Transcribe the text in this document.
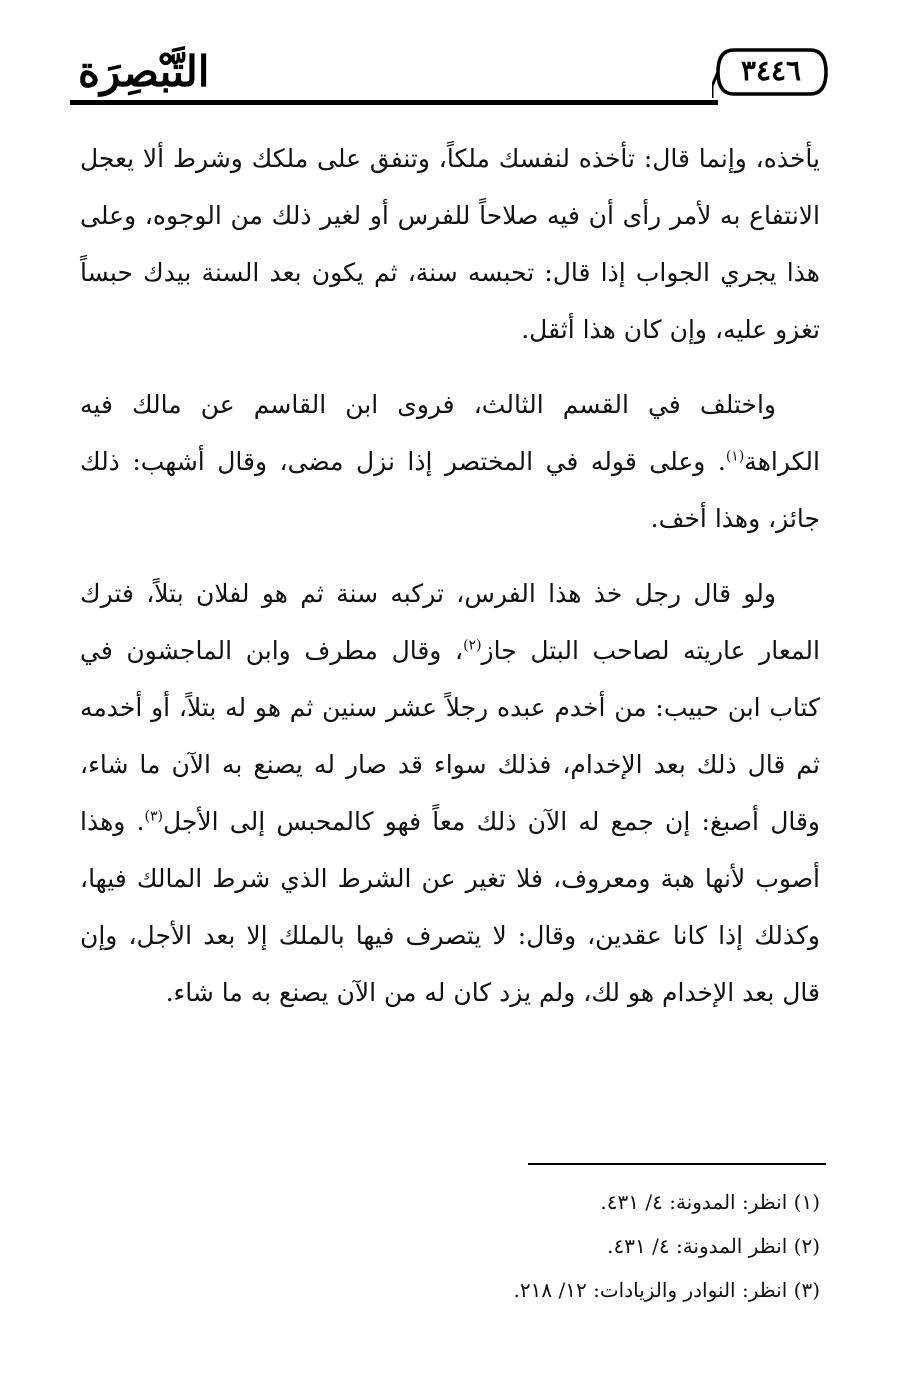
التَّبْصِرَة	٣٤٤٦

يأخذه، وإنما قال: تأخذه لنفسك ملكاً، وتنفق على ملكك وشرط ألا يعجل الانتفاع به لأمر رأى أن فيه صلاحاً للفرس أو لغير ذلك من الوجوه، وعلى هذا يجري الجواب إذا قال: تحبسه سنة، ثم يكون بعد السنة بيدك حبساً تغزو عليه، وإن كان هذا أثقل.

واختلف في القسم الثالث، فروى ابن القاسم عن مالك فيه الكراهة$^{(١)}$. وعلى قوله في المختصر إذا نزل مضى، وقال أشهب: ذلك جائز، وهذا أخف.

ولو قال رجل خذ هذا الفرس، تركبه سنة ثم هو لفلان بتلاً، فترك المعار عاريته لصاحب البتل جاز$^{(٢)}$، وقال مطرف وابن الماجشون في كتاب ابن حبيب: من أخدم عبده رجلاً عشر سنين ثم هو له بتلاً، أو أخدمه ثم قال ذلك بعد الإخدام، فذلك سواء قد صار له يصنع به الآن ما شاء، وقال أصبغ: إن جمع له الآن ذلك معاً فهو كالمحبس إلى الأجل$^{(٣)}$. وهذا أصوب لأنها هبة ومعروف، فلا تغير عن الشرط الذي شرط المالك فيها، وكذلك إذا كانا عقدين، وقال: لا يتصرف فيها بالملك إلا بعد الأجل، وإن قال بعد الإخدام هو لك، ولم يزد كان له من الآن يصنع به ما شاء.

(١) انظر: المدونة: ٤/ ٤٣١.

(٢) انظر المدونة: ٤/ ٤٣١.

(٣) انظر: النوادر والزيادات: ١٢/ ٢١٨.
